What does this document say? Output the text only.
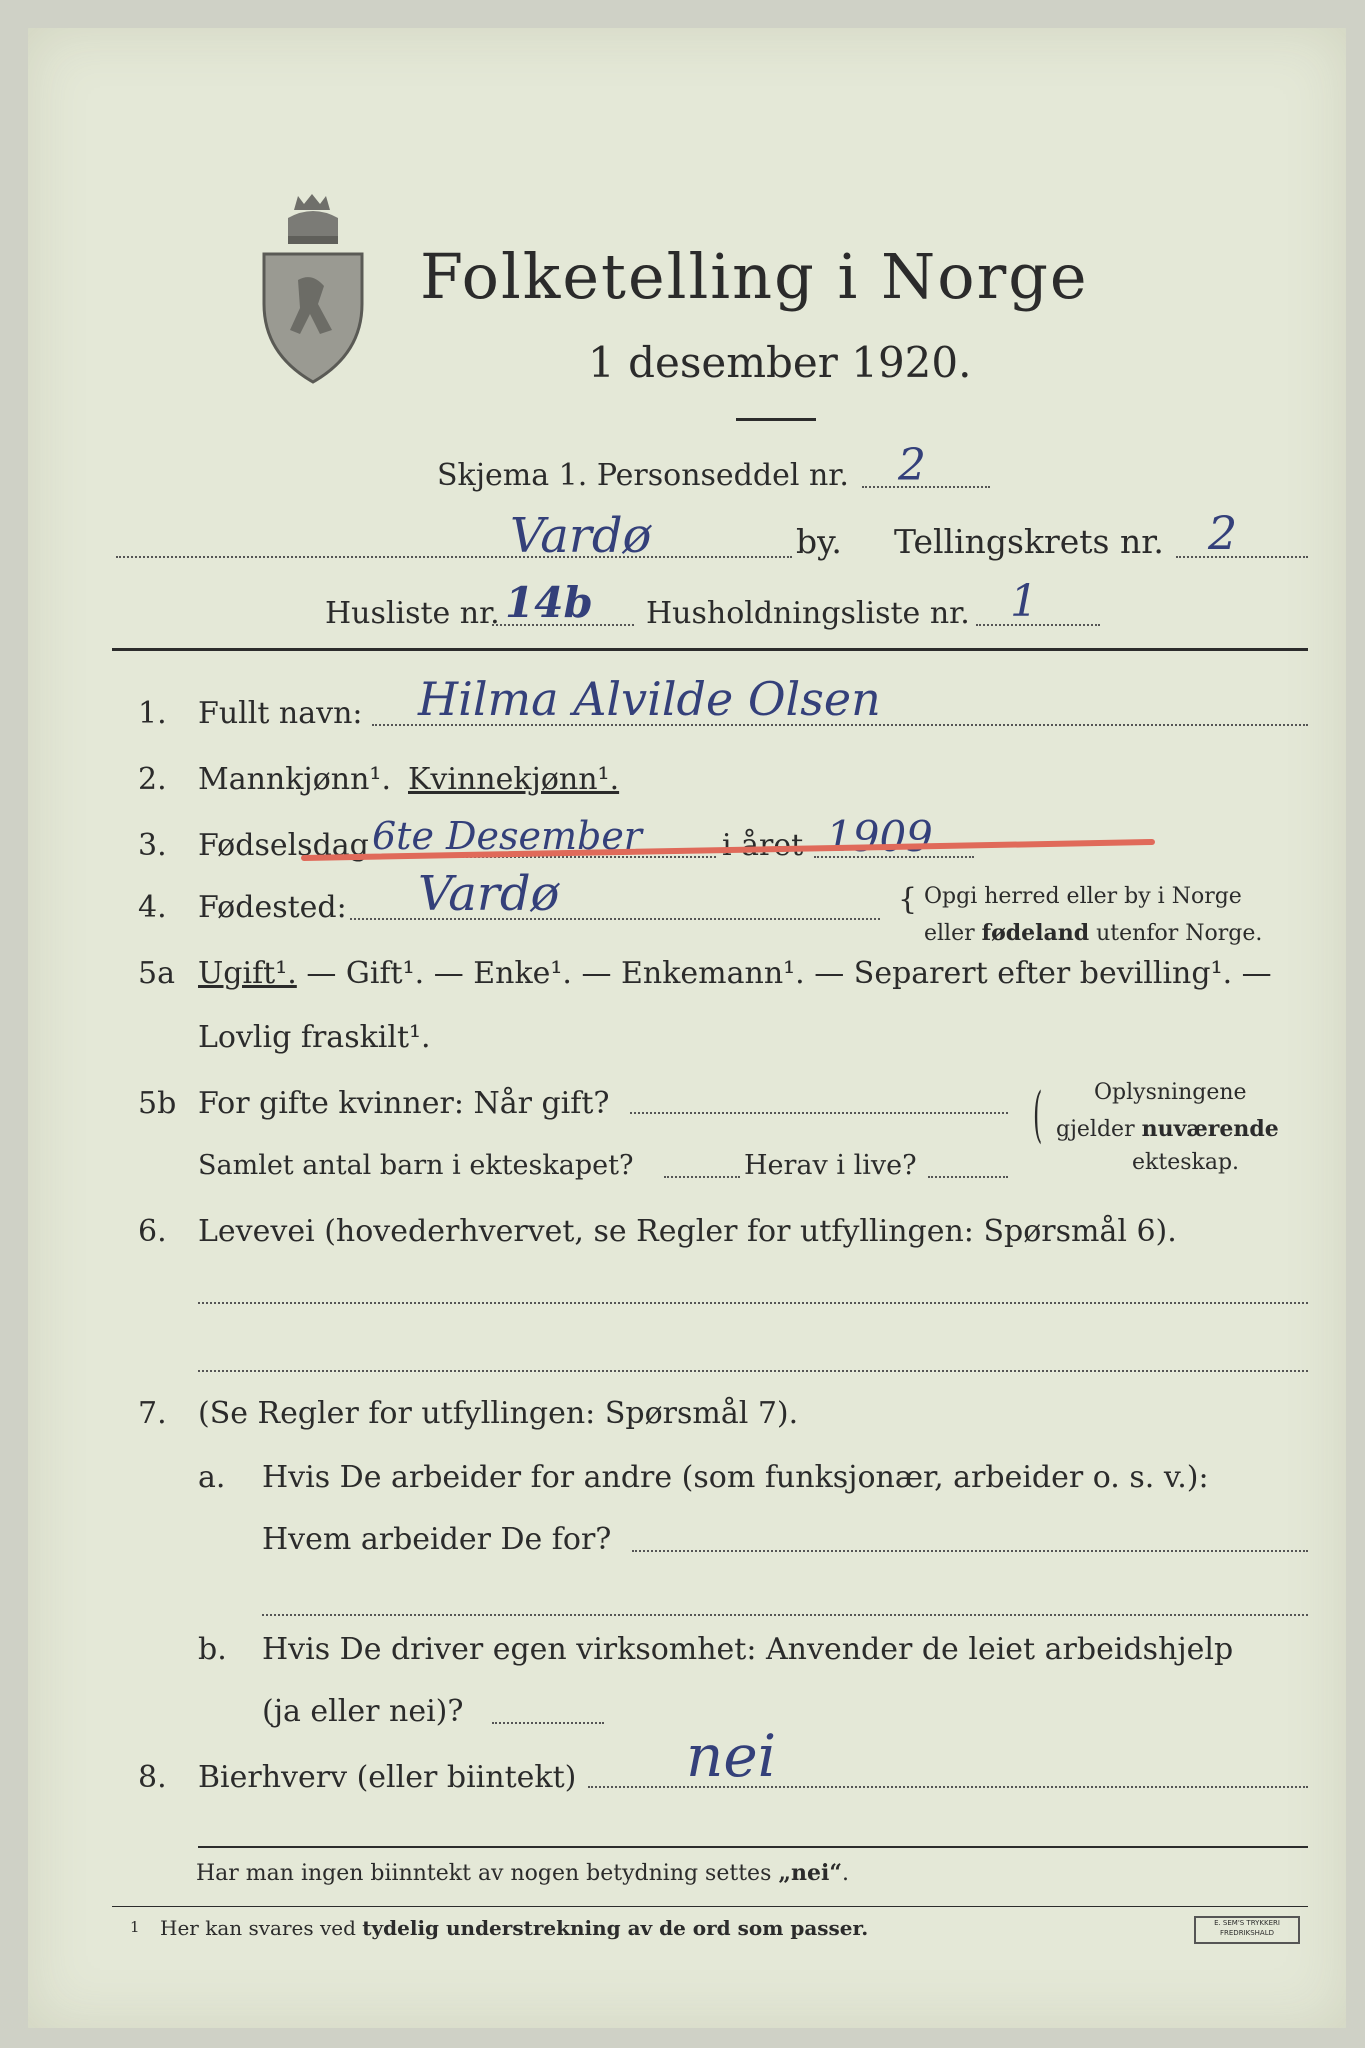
Folketelling i Norge
1 desember 1920.
Skjema 1. Personseddel nr. 2
Vardø	by. Tellingskrets nr. 2
Husliste nr. 14b Husholdningsliste nr. 1
1. Fullt navn: Hilma Alvilde Olsen
2. Mannkjønn¹. Kvinnekjønn¹.
3. Fødselsdag 6te Desember	i året 1909
4. Fødested: Vardø	{ Opgi herred eller by i Norge
eller fødeland utenfor Norge.
5a Ugift¹. — Gift¹. — Enke¹. — Enkemann¹. — Separert efter bevilling¹. —
Lovlig fraskilt¹.
5b For gifte kvinner: Når gift?
Samlet antal barn i ekteskapet?	Herav i live?
( Oplysningene
gjelder nuværende
ekteskap.
6. Levevei (hovederhvervet, se Regler for utfyllingen: Spørsmål 6).
7. (Se Regler for utfyllingen: Spørsmål 7).
a. Hvis De arbeider for andre (som funksjonær, arbeider o. s. v.):
Hvem arbeider De for?
b. Hvis De driver egen virksomhet: Anvender de leiet arbeidshjelp
(ja eller nei)?
8. Bierhverv (eller biintekt) nei
Har man ingen biinntekt av nogen betydning settes „nei“.
1 Her kan svares ved tydelig understrekning av de ord som passer.	E. SEM'S TRYKKERI
FREDRIKSHALD
